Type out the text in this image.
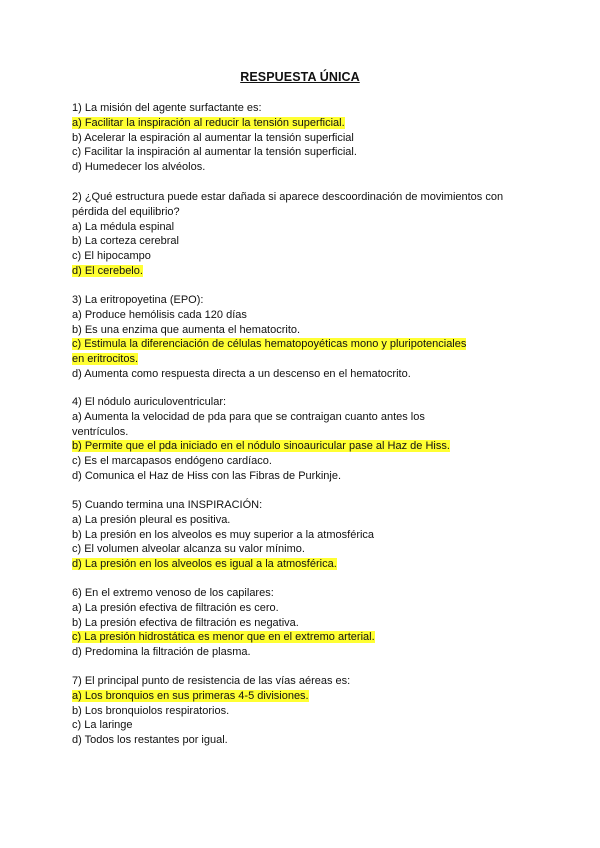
RESPUESTA ÚNICA
1) La misión del agente surfactante es:
a) Facilitar la inspiración al reducir la tensión superficial.
b) Acelerar la espiración al aumentar la tensión superficial
c) Facilitar la inspiración al aumentar la tensión superficial.
d) Humedecer los alvéolos.
2) ¿Qué estructura puede estar dañada si aparece descoordinación de movimientos con
pérdida del equilibrio?
a) La médula espinal
b) La corteza cerebral
c) El hipocampo
d) El cerebelo.
3) La eritropoyetina (EPO):
a) Produce hemólisis cada 120 días
b) Es una enzima que aumenta el hematocrito.
c) Estimula la diferenciación de células hematopoyéticas mono y pluripotenciales
en eritrocitos.
d) Aumenta como respuesta directa a un descenso en el hematocrito.
4) El nódulo auriculoventricular:
a) Aumenta la velocidad de pda para que se contraigan cuanto antes los
ventrículos.
b) Permite que el pda iniciado en el nódulo sinoauricular pase al Haz de Hiss.
c) Es el marcapasos endógeno cardíaco.
d) Comunica el Haz de Hiss con las Fibras de Purkinje.
5) Cuando termina una INSPIRACIÓN:
a) La presión pleural es positiva.
b) La presión en los alveolos es muy superior a la atmosférica
c) El volumen alveolar alcanza su valor mínimo.
d) La presión en los alveolos es igual a la atmosférica.
6) En el extremo venoso de los capilares:
a) La presión efectiva de filtración es cero.
b) La presión efectiva de filtración es negativa.
c) La presión hidrostática es menor que en el extremo arterial.
d) Predomina la filtración de plasma.
7) El principal punto de resistencia de las vías aéreas es:
a) Los bronquios en sus primeras 4-5 divisiones.
b) Los bronquiolos respiratorios.
c) La laringe
d) Todos los restantes por igual.
